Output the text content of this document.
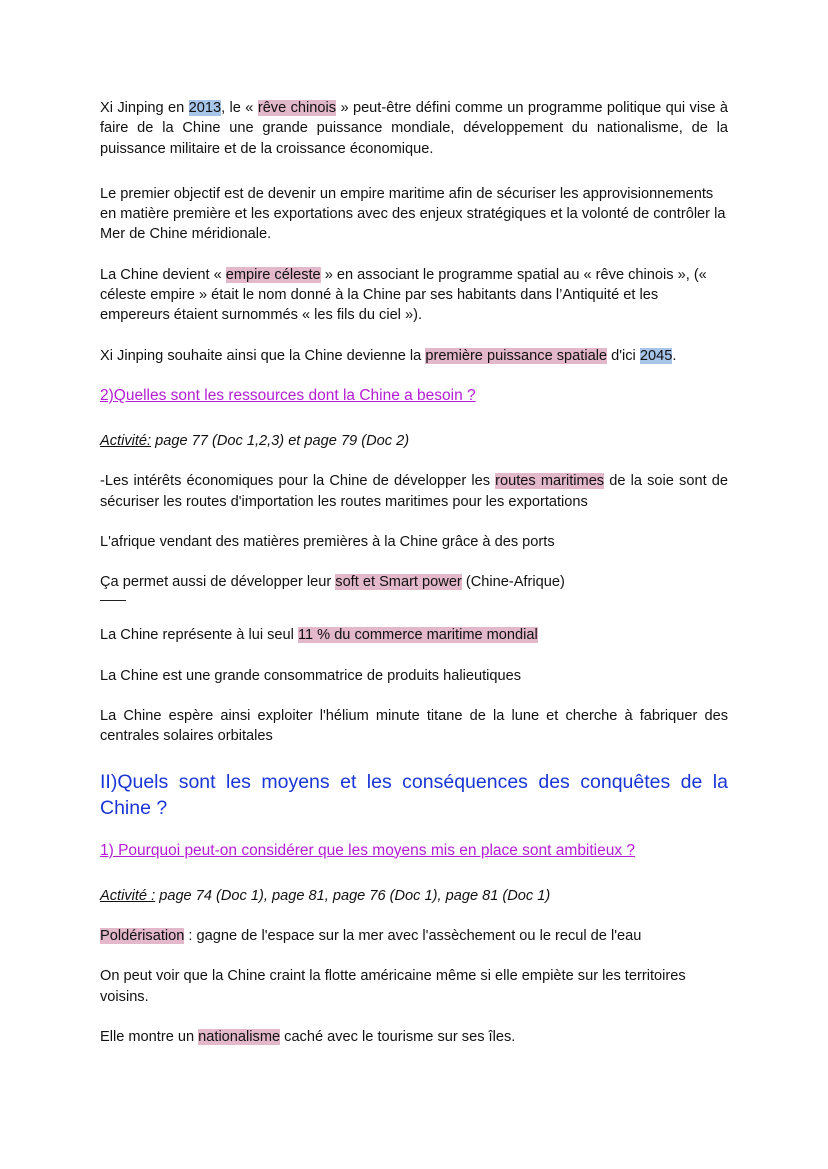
Xi Jinping en 2013, le « rêve chinois » peut-être défini comme un programme politique qui vise à faire de la Chine une grande puissance mondiale, développement du nationalisme, de la puissance militaire et de la croissance économique.

Le premier objectif est de devenir un empire maritime afin de sécuriser les approvisionnements en matière première et les exportations avec des enjeux stratégiques et la volonté de contrôler la Mer de Chine méridionale.

La Chine devient « empire céleste » en associant le programme spatial au « rêve chinois », (« céleste empire » était le nom donné à la Chine par ses habitants dans l’Antiquité et les empereurs étaient surnommés « les fils du ciel »).

Xi Jinping souhaite ainsi que la Chine devienne la première puissance spatiale d'ici 2045.

2)Quelles sont les ressources dont la Chine a besoin ?

Activité: page 77 (Doc 1,2,3) et page 79 (Doc 2)

-Les intérêts économiques pour la Chine de développer les routes maritimes de la soie sont de sécuriser les routes d'importation les routes maritimes pour les exportations

L'afrique vendant des matières premières à la Chine grâce à des ports

Ça permet aussi de développer leur soft et Smart power (Chine-Afrique)

La Chine représente à lui seul 11 % du commerce maritime mondial

La Chine est une grande consommatrice de produits halieutiques

La Chine espère ainsi exploiter l'hélium minute titane de la lune et cherche à fabriquer des centrales solaires orbitales

II)Quels sont les moyens et les conséquences des conquêtes de la Chine ?

1) Pourquoi peut-on considérer que les moyens mis en place sont ambitieux ?

Activité : page 74 (Doc 1), page 81, page 76 (Doc 1), page 81 (Doc 1)

Poldérisation : gagne de l'espace sur la mer avec l'assèchement ou le recul de l'eau

On peut voir que la Chine craint la flotte américaine même si elle empiète sur les territoires voisins.

Elle montre un nationalisme caché avec le tourisme sur ses îles.
